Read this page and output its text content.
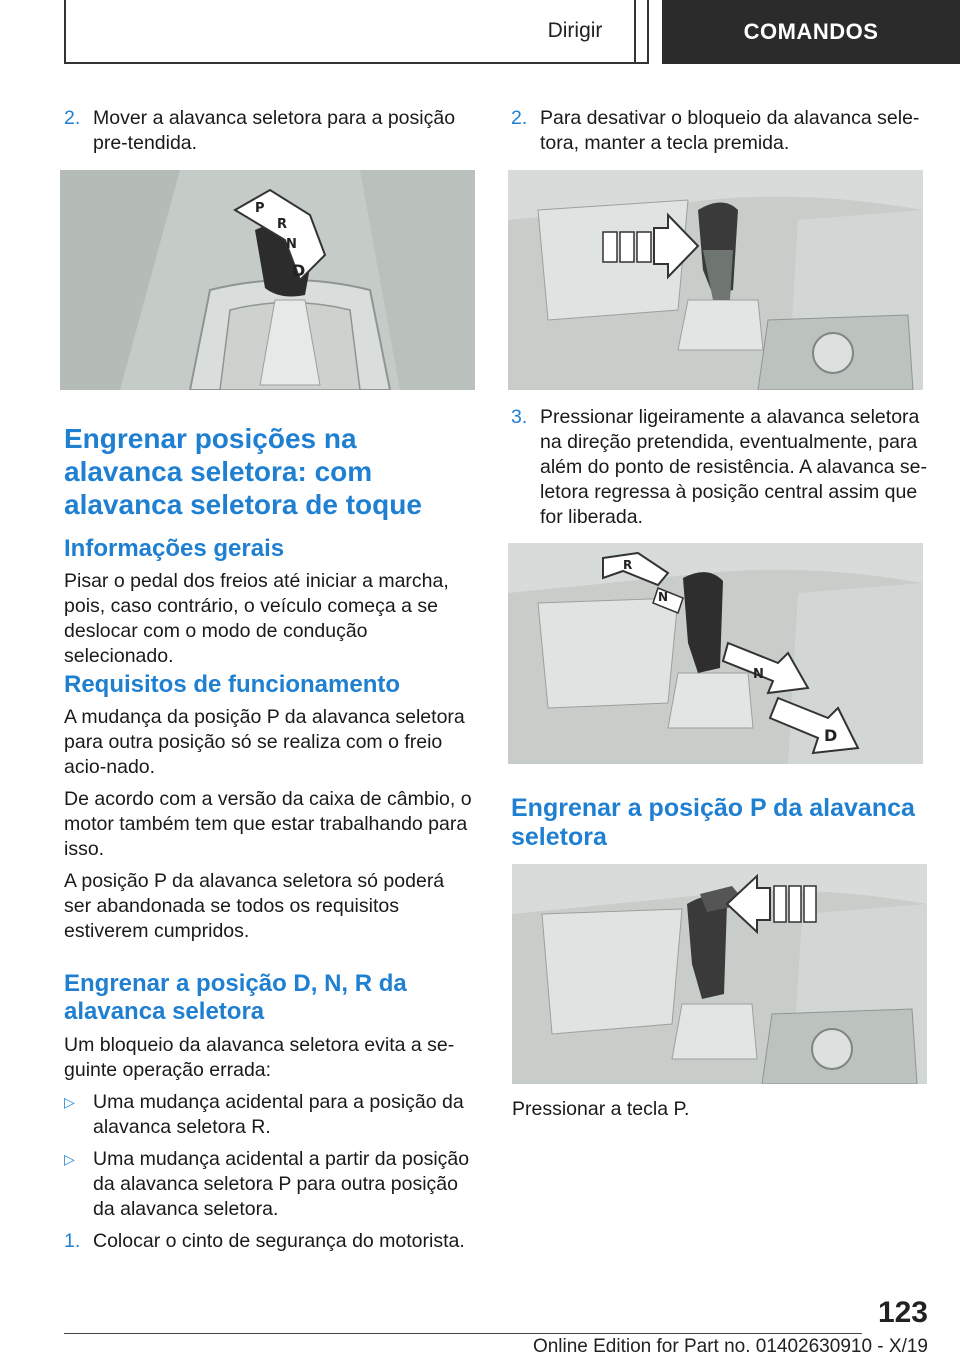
Dirigir	COMANDOS
2. Mover a alavanca seletora para a posição pre‐tendida.

P
R
N
D
Engrenar posições na alavanca seletora: com alavanca seletora de toque
Informações gerais

Pisar o pedal dos freios até iniciar a marcha, pois, caso contrário, o veículo começa a se deslocar com o modo de condução selecionado.

Requisitos de funcionamento

A mudança da posição P da alavanca seletora para outra posição só se realiza com o freio acio‐nado.

De acordo com a versão da caixa de câmbio, o motor também tem que estar trabalhando para isso.

A posição P da alavanca seletora só poderá ser abandonada se todos os requisitos estiverem cumpridos.

Engrenar a posição D, N, R da alavanca seletora

Um bloqueio da alavanca seletora evita a se‐guinte operação errada:

▷ Uma mudança acidental para a posição da alavanca seletora R.

▷ Uma mudança acidental a partir da posição da alavanca seletora P para outra posição da alavanca seletora.

1. Colocar o cinto de segurança do motorista.

2. Para desativar o bloqueio da alavanca sele‐tora, manter a tecla premida.

3. Pressionar ligeiramente a alavanca seletora na direção pretendida, eventualmente, para além do ponto de resistência. A alavanca se‐letora regressa à posição central assim que for liberada.

R
N
N
D
Engrenar a posição P da alavanca seletora

Pressionar a tecla P.

123
Online Edition for Part no. 01402630910 - X/19
